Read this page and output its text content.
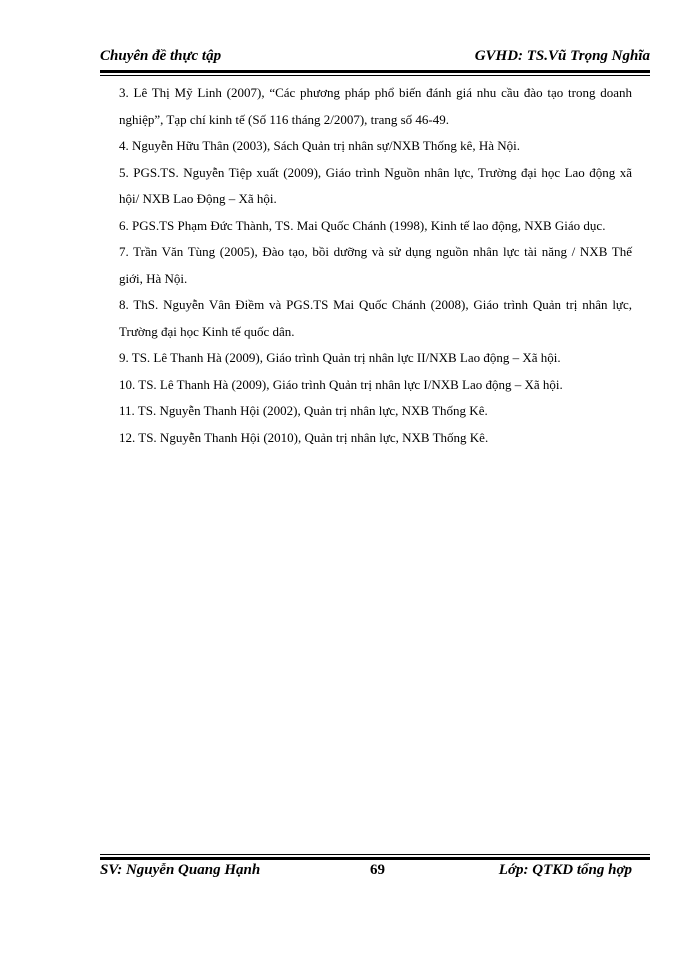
Chuyên đề thực tập	GVHD: TS.Vũ Trọng Nghĩa
3. Lê Thị Mỹ Linh (2007), “Các phương pháp phổ biến đánh giá nhu cầu đào tạo trong doanh nghiệp”, Tạp chí kinh tế (Số 116 tháng 2/2007), trang số 46-49.
4. Nguyễn Hữu Thân (2003), Sách Quản trị nhân sự/NXB Thống kê, Hà Nội.
5. PGS.TS. Nguyễn Tiệp xuất (2009), Giáo trình Nguồn nhân lực, Trường đại học Lao động xã hội/ NXB Lao Động – Xã hội.
6. PGS.TS Phạm Đức Thành, TS. Mai Quốc Chánh (1998), Kinh tế lao động, NXB Giáo dục.
7. Trần Văn Tùng (2005), Đào tạo, bồi dưỡng và sử dụng nguồn nhân lực tài năng / NXB Thế giới, Hà Nội.
8. ThS. Nguyễn Vân Điềm và PGS.TS Mai Quốc Chánh (2008), Giáo trình Quản trị nhân lực, Trường đại học Kinh tế quốc dân.
9. TS. Lê Thanh Hà (2009), Giáo trình Quản trị nhân lực II/NXB Lao động – Xã hội.
10. TS. Lê Thanh Hà (2009), Giáo trình Quản trị nhân lực I/NXB Lao động – Xã hội.
11. TS. Nguyễn Thanh Hội (2002), Quản trị nhân lực, NXB Thống Kê.
12. TS. Nguyễn Thanh Hội (2010), Quản trị nhân lực, NXB Thống Kê.
SV: Nguyễn Quang Hạnh	69	Lớp: QTKD tổng hợp
